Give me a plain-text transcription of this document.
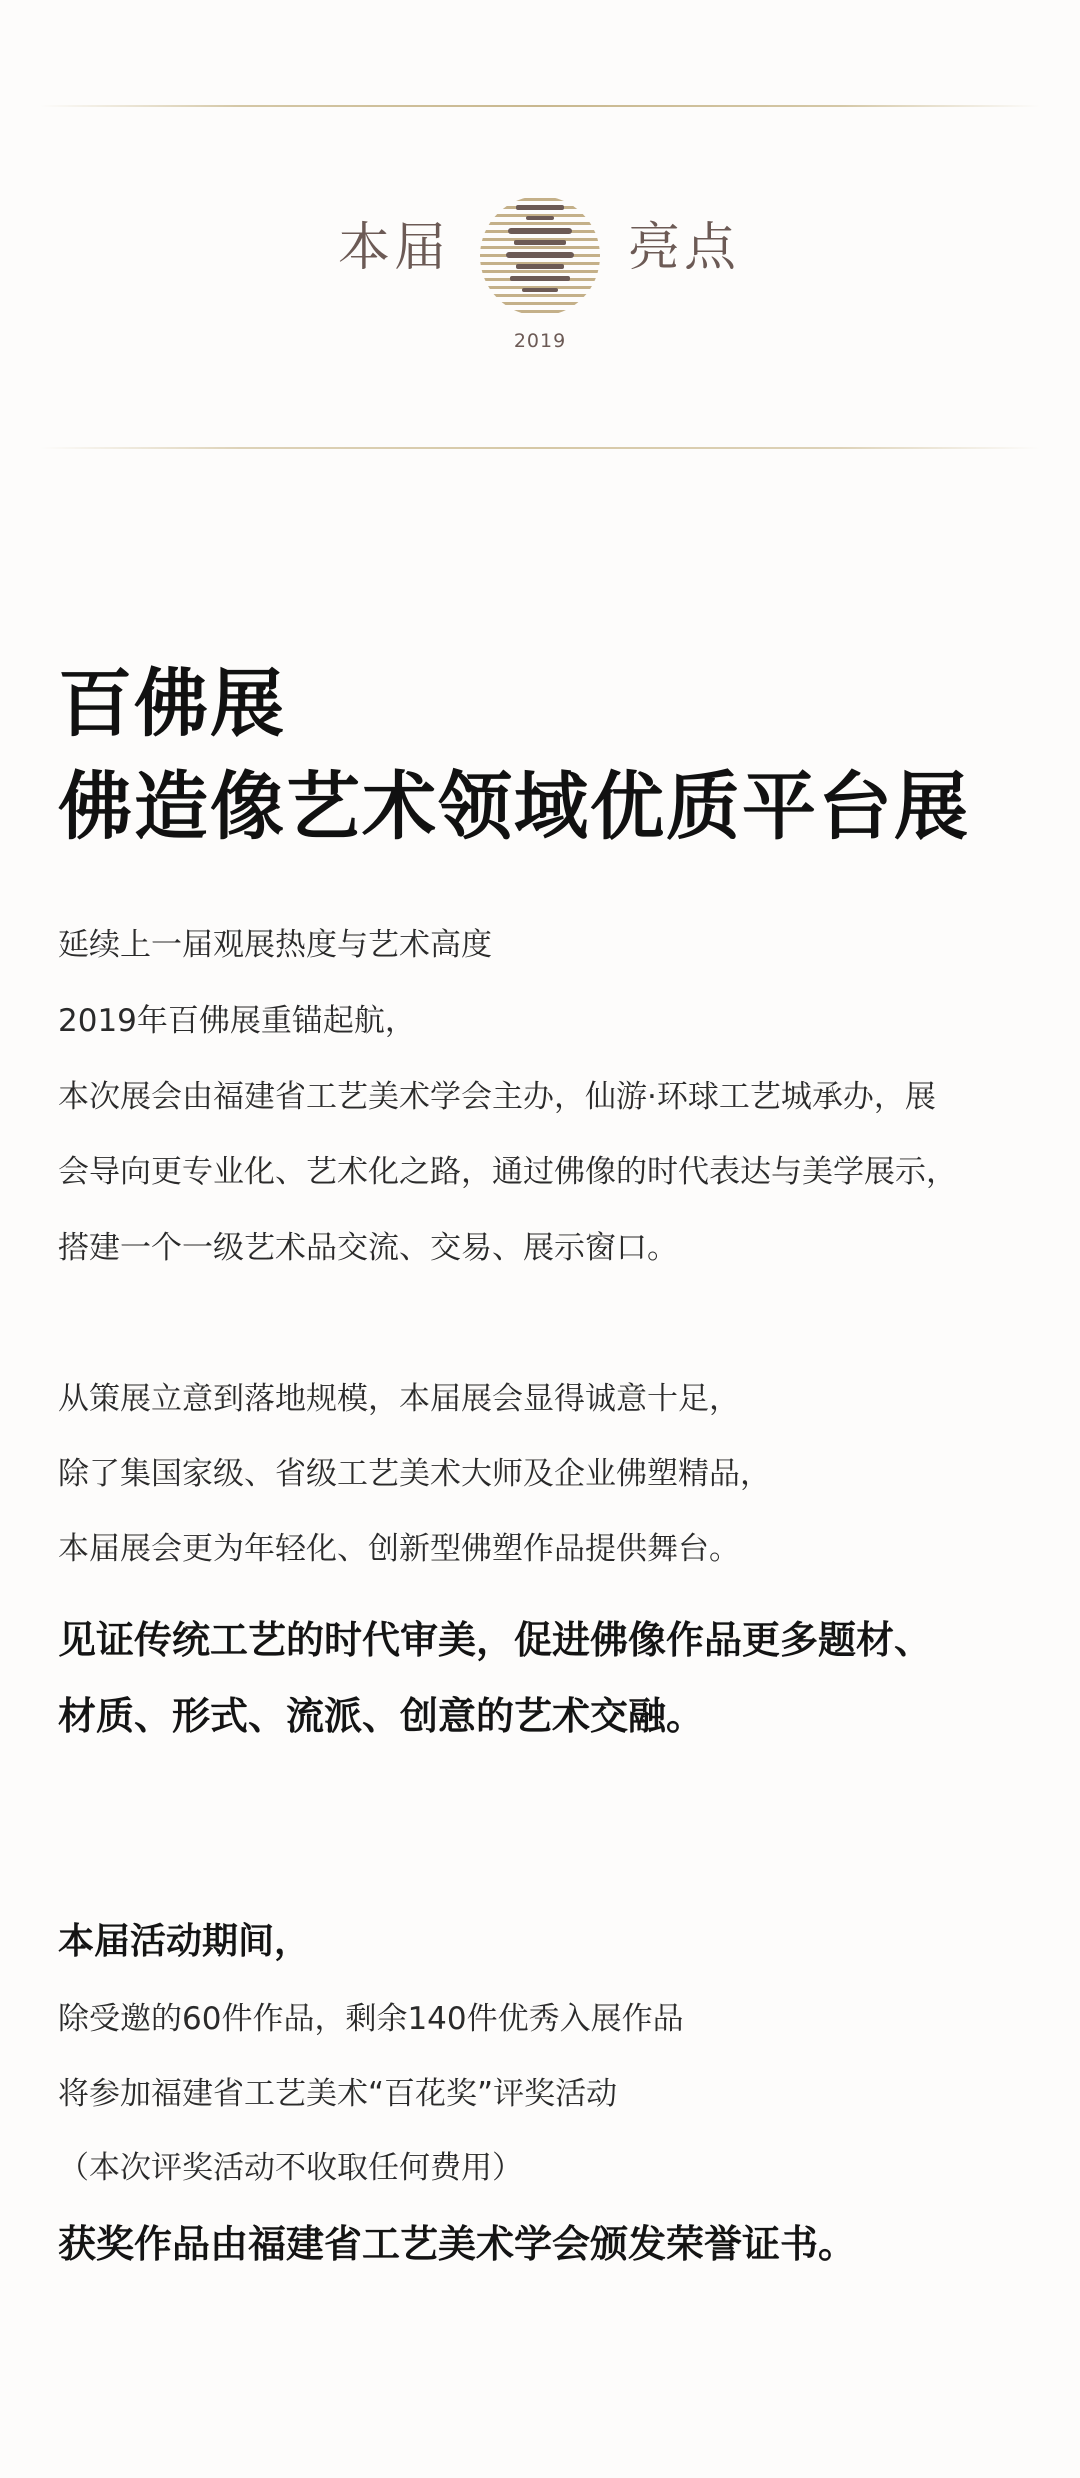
本届	亮点
2019
百佛展
佛造像艺术领域优质平台展
延续上一届观展热度与艺术高度
2019年百佛展重锚起航，
本次展会由福建省工艺美术学会主办，仙游·环球工艺城承办，展
会导向更专业化、艺术化之路，通过佛像的时代表达与美学展示，
搭建一个一级艺术品交流、交易、展示窗口。
从策展立意到落地规模，本届展会显得诚意十足，
除了集国家级、省级工艺美术大师及企业佛塑精品，
本届展会更为年轻化、创新型佛塑作品提供舞台。
见证传统工艺的时代审美，促进佛像作品更多题材、
材质、形式、流派、创意的艺术交融。
本届活动期间，
除受邀的60件作品，剩余140件优秀入展作品
将参加福建省工艺美术“百花奖”评奖活动
（本次评奖活动不收取任何费用）
获奖作品由福建省工艺美术学会颁发荣誉证书。
